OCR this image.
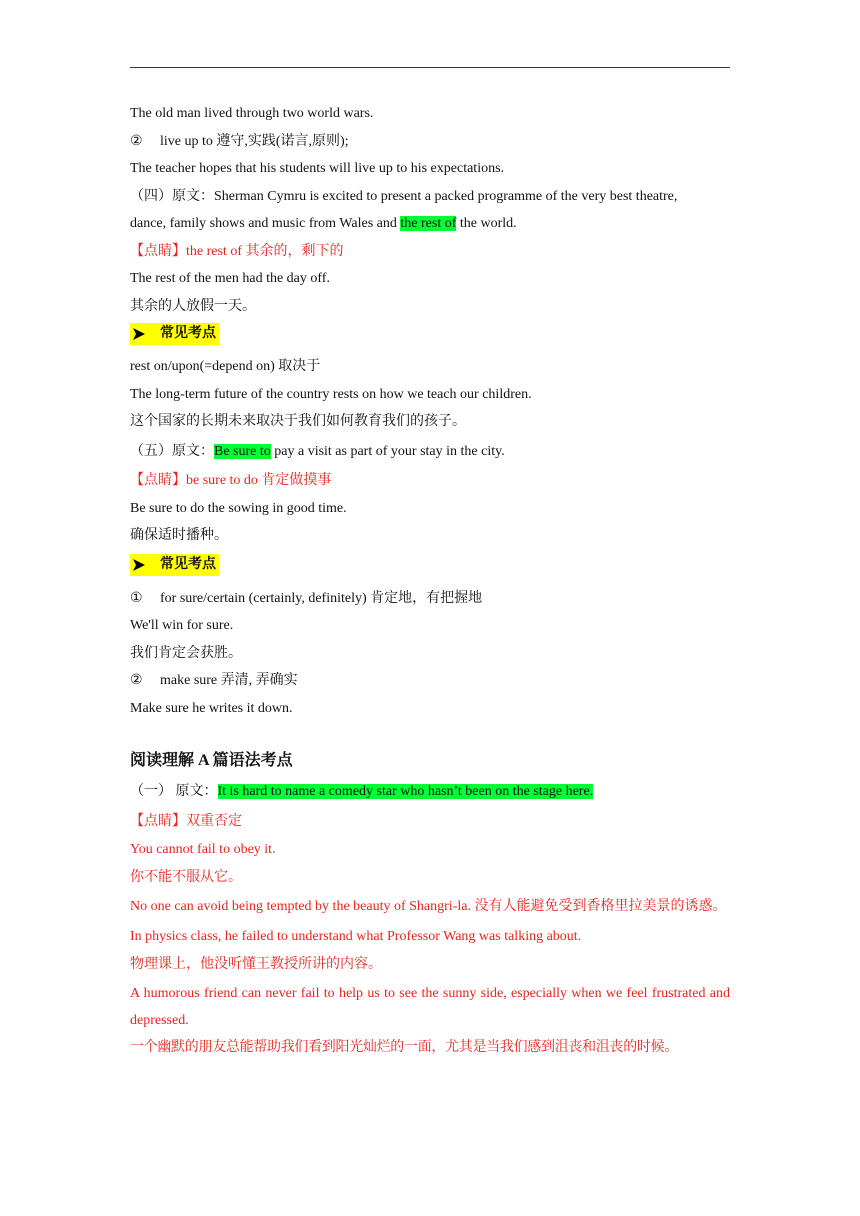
The old man lived through two world wars.
② live up to 遵守,实践(诺言,原则);
The teacher hopes that his students will live up to his expectations.
（四）原文：Sherman Cymru is excited to present a packed programme of the very best theatre,
dance, family shows and music from Wales and the rest of the world.
【点睛】the rest of 其余的，剩下的
The rest of the men had the day off.
其余的人放假一天。
常见考点
rest on/upon(=depend on) 取决于
The long-term future of the country rests on how we teach our children.
这个国家的长期未来取决于我们如何教育我们的孩子。
（五）原文：Be sure to pay a visit as part of your stay in the city.
【点睛】be sure to do 肯定做摸事
Be sure to do the sowing in good time.
确保适时播种。
常见考点
① for sure/certain (certainly, definitely) 肯定地，有把握地
We'll win for sure.
我们肯定会获胜。
② make sure 弄清, 弄确实
Make sure he writes it down.
阅读理解 A 篇语法考点
（一） 原文：It is hard to name a comedy star who hasn’t been on the stage here.
【点睛】双重否定
You cannot fail to obey it.
你不能不服从它。
No one can avoid being tempted by the beauty of Shangri-la. 没有人能避免受到香格里拉美景的诱惑。
In physics class, he failed to understand what Professor Wang was talking about.
物理课上，他没听懂王教授所讲的内容。
A humorous friend can never fail to help us to see the sunny side, especially when we feel frustrated and depressed.
一个幽默的朋友总能帮助我们看到阳光灿烂的一面，尤其是当我们感到沮丧和沮丧的时候。
